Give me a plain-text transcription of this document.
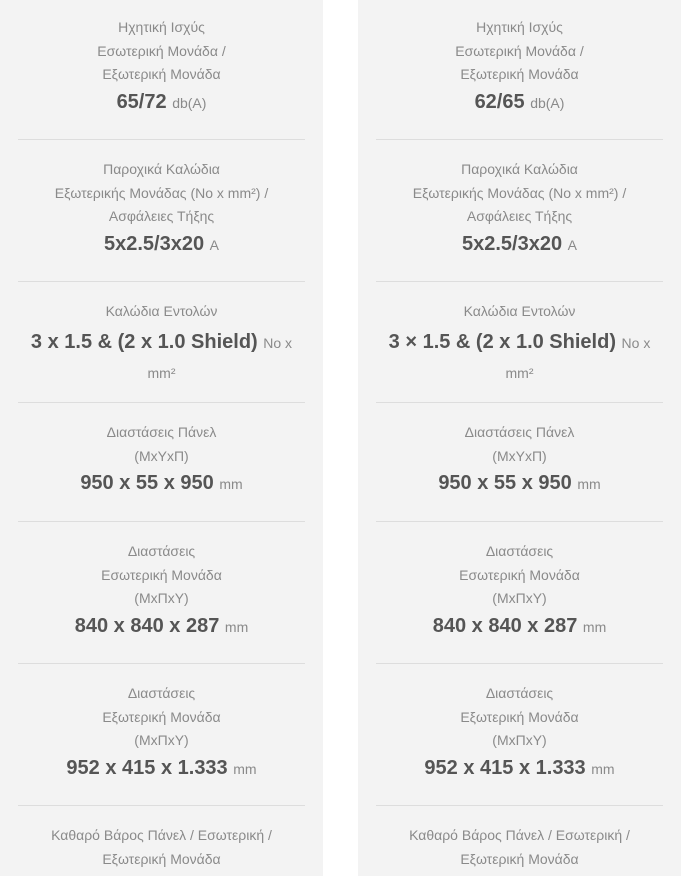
Ηχητική Ισχύς

Εσωτερική Μονάδα /

Εξωτερική Μονάδα

65/72 db(A)

Παροχικά Καλώδια

Εξωτερικής Μονάδας (Νο x mm²) /

Ασφάλειες Τήξης

5x2.5/3x20 A

Καλώδια Εντολών

3 x 1.5 & (2 x 1.0 Shield) No x

mm²

Διαστάσεις Πάνελ

(ΜxΥxΠ)

950 x 55 x 950 mm

Διαστάσεις

Εσωτερική Μονάδα

(ΜxΠxΥ)

840 x 840 x 287 mm

Διαστάσεις

Εξωτερική Μονάδα

(ΜxΠxΥ)

952 x 415 x 1.333 mm

Καθαρό Βάρος Πάνελ / Εσωτερική /

Εξωτερική Μονάδα

Ηχητική Ισχύς

Εσωτερική Μονάδα /

Εξωτερική Μονάδα

62/65 db(A)

Παροχικά Καλώδια

Εξωτερικής Μονάδας (Νο x mm²) /

Ασφάλειες Τήξης

5x2.5/3x20 A

Καλώδια Εντολών

3 × 1.5 & (2 x 1.0 Shield) No x

mm²

Διαστάσεις Πάνελ

(ΜxΥxΠ)

950 x 55 x 950 mm

Διαστάσεις

Εσωτερική Μονάδα

(ΜxΠxΥ)

840 x 840 x 287 mm

Διαστάσεις

Εξωτερική Μονάδα

(ΜxΠxΥ)

952 x 415 x 1.333 mm

Καθαρό Βάρος Πάνελ / Εσωτερική /

Εξωτερική Μονάδα
